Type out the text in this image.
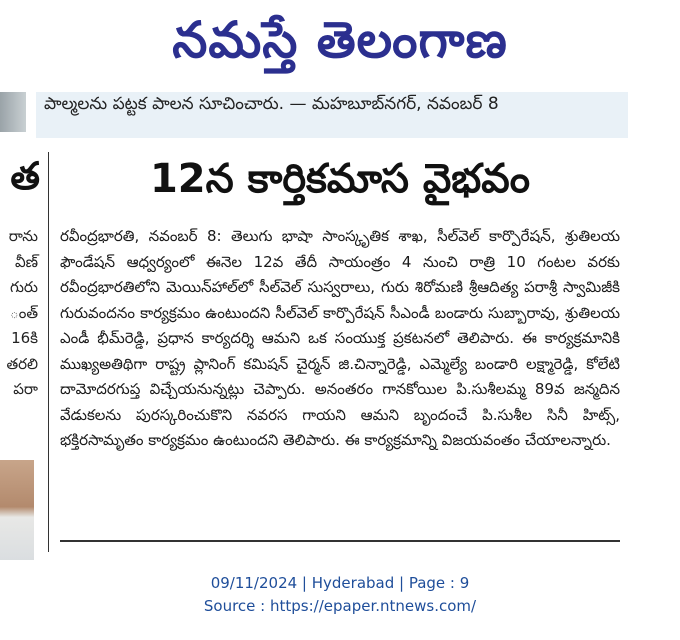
నమస్తే తెలంగాణ
పాల్మలను పట్టక పాలన సూచించారు. — మహబూబ్‌నగర్, నవంబర్ 8
త
రాను
వీణ్
గురు
ంత్
16కి
తరలి
పరా
12న కార్తికమాస వైభవం
రవీంద్రభారతి, నవంబర్ 8: తెలుగు భాషా సాంస్కృతిక శాఖ, సీల్‌వెల్ కార్పొరేషన్, శ్రుతిలయ ఫౌండేషన్ ఆధ్వర్యంలో ఈనెల 12వ తేదీ సాయంత్రం 4 నుంచి రాత్రి 10 గంటల వరకు రవీంద్రభారతిలోని మెయిన్‌హాల్‌లో సీల్‌వెల్ సుస్వరాలు, గురు శిరోమణి శ్రీఆదిత్య పరాశ్రీ స్వామిజీకి గురువందనం కార్యక్రమం ఉంటుందని సీల్‌వెల్ కార్పొరేషన్ సీఎండీ బండారు సుబ్బారావు, శ్రుతిలయ ఎండీ భీమ్‌రెడ్డి, ప్రధాన కార్యదర్శి ఆమని ఒక సంయుక్త ప్రకటనలో తెలిపారు. ఈ కార్యక్రమానికి ముఖ్యఅతిథిగా రాష్ట్ర ప్లానింగ్ కమిషన్ చైర్మన్ జి.చిన్నారెడ్డి, ఎమ్మెల్యే బండారి లక్ష్మారెడ్డి, కోలేటి దామోదరగుప్త విచ్చేయనున్నట్లు చెప్పారు. అనంతరం గానకోయిల పి.సుశీలమ్మ 89వ జన్మదిన వేడుకలను పురస్కరించుకొని నవరస గాయని ఆమని బృందంచే పి.సుశీల సినీ హిట్స్, భక్తిరసామృతం కార్యక్రమం ఉంటుందని తెలిపారు. ఈ కార్యక్రమాన్ని విజయవంతం చేయాలన్నారు.
09/11/2024 | Hyderabad | Page : 9
Source : https://epaper.ntnews.com/
